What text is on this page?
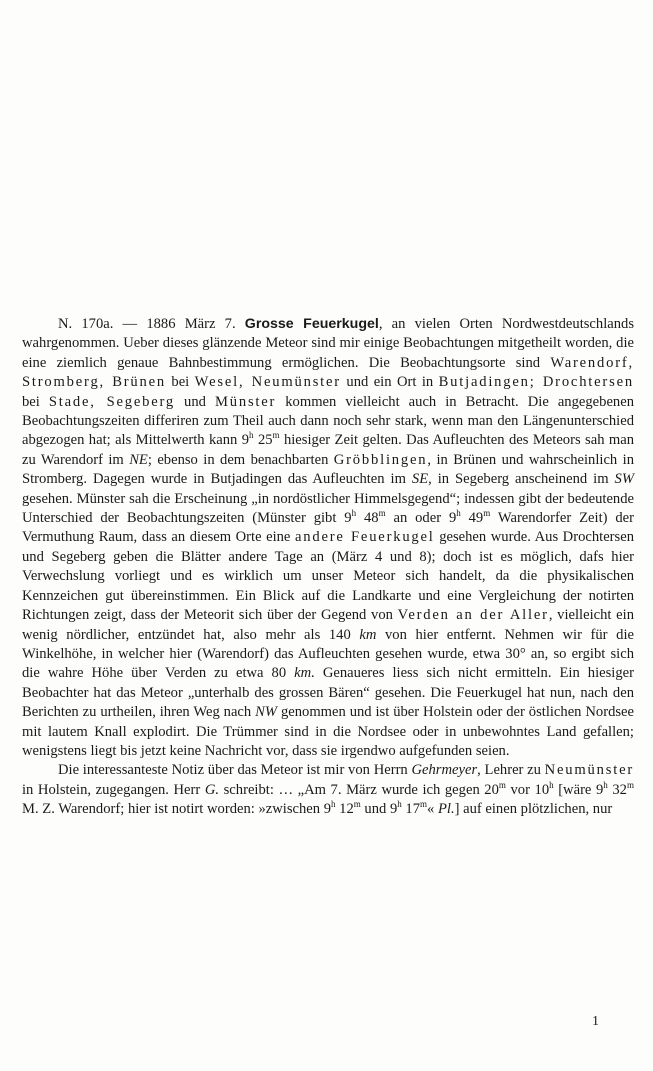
N. 170a. — 1886 März 7. Grosse Feuerkugel, an vielen Orten Nordwestdeutschlands wahrgenommen. Ueber dieses glänzende Meteor sind mir einige Beobachtungen mitgetheilt worden, die eine ziemlich genaue Bahnbestimmung ermöglichen. Die Beobachtungsorte sind Warendorf, Stromberg, Brünen bei Wesel, Neumünster und ein Ort in Butjadingen; Drochtersen bei Stade, Segeberg und Münster kommen vielleicht auch in Betracht. Die angegebenen Beobachtungszeiten differiren zum Theil auch dann noch sehr stark, wenn man den Längenunterschied abgezogen hat; als Mittelwerth kann 9$^h$ 25$^m$ hiesiger Zeit gelten. Das Aufleuchten des Meteors sah man zu Warendorf im NE; ebenso in dem benachbarten Gröbblingen, in Brünen und wahrscheinlich in Stromberg. Dagegen wurde in Butjadingen das Aufleuchten im SE, in Segeberg anscheinend im SW gesehen. Münster sah die Erscheinung „in nordöstlicher Himmelsgegend“; indessen gibt der bedeutende Unterschied der Beobachtungszeiten (Münster gibt 9$^h$ 48$^m$ an oder 9$^h$ 49$^m$ Warendorfer Zeit) der Vermuthung Raum, dass an diesem Orte eine andere Feuerkugel gesehen wurde. Aus Drochtersen und Segeberg geben die Blätter andere Tage an (März 4 und 8); doch ist es möglich, dafs hier Verwechslung vorliegt und es wirklich um unser Meteor sich handelt, da die physikalischen Kennzeichen gut übereinstimmen. Ein Blick auf die Landkarte und eine Vergleichung der notirten Richtungen zeigt, dass der Meteorit sich über der Gegend von Verden an der Aller, vielleicht ein wenig nördlicher, entzündet hat, also mehr als 140 km von hier entfernt. Nehmen wir für die Winkelhöhe, in welcher hier (Warendorf) das Aufleuchten gesehen wurde, etwa 30° an, so ergibt sich die wahre Höhe über Verden zu etwa 80 km. Genaueres liess sich nicht ermitteln. Ein hiesiger Beobachter hat das Meteor „unterhalb des grossen Bären“ gesehen. Die Feuerkugel hat nun, nach den Berichten zu urtheilen, ihren Weg nach NW genommen und ist über Holstein oder der östlichen Nordsee mit lautem Knall explodirt. Die Trümmer sind in die Nordsee oder in unbewohntes Land gefallen; wenigstens liegt bis jetzt keine Nachricht vor, dass sie irgendwo aufgefunden seien.

Die interessanteste Notiz über das Meteor ist mir von Herrn Gehrmeyer, Lehrer zu Neumünster in Holstein, zugegangen. Herr G. schreibt: … „Am 7. März wurde ich gegen 20$^m$ vor 10$^h$ [wäre 9$^h$ 32$^m$ M. Z. Warendorf; hier ist notirt worden: »zwischen 9$^h$ 12$^m$ und 9$^h$ 17$^m$« Pl.] auf einen plötzlichen, nur

1
